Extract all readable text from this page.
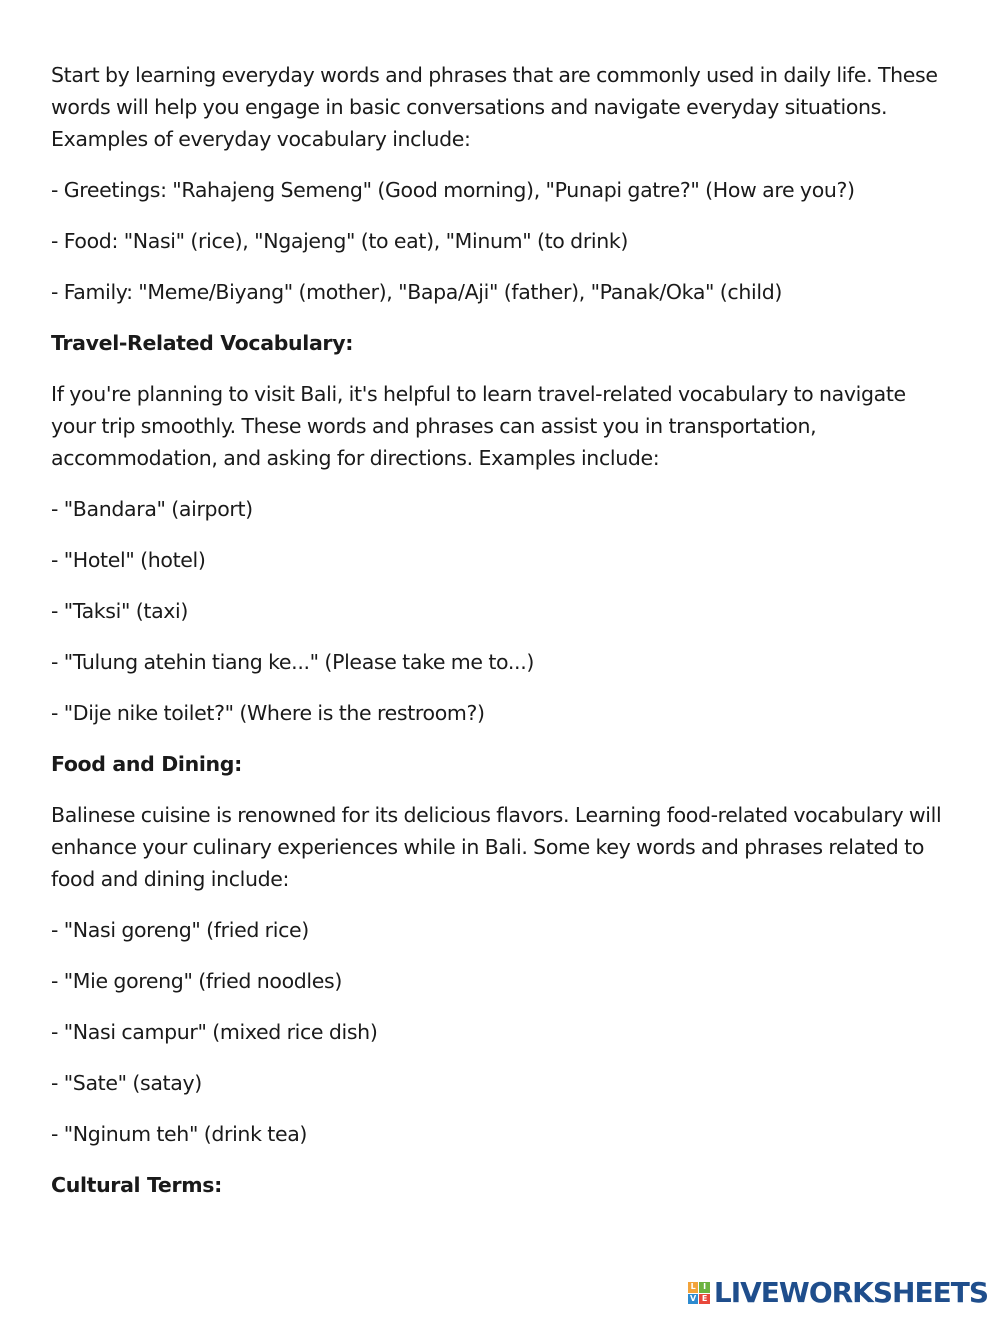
Start by learning everyday words and phrases that are commonly used in daily life. These words will help you engage in basic conversations and navigate everyday situations. Examples of everyday vocabulary include:

- Greetings: "Rahajeng Semeng" (Good morning), "Punapi gatre?" (How are you?)

- Food: "Nasi" (rice), "Ngajeng" (to eat), "Minum" (to drink)

- Family: "Meme/Biyang" (mother), "Bapa/Aji" (father), "Panak/Oka" (child)

Travel-Related Vocabulary:

If you're planning to visit Bali, it's helpful to learn travel-related vocabulary to navigate your trip smoothly. These words and phrases can assist you in transportation, accommodation, and asking for directions. Examples include:

- "Bandara" (airport)

- "Hotel" (hotel)

- "Taksi" (taxi)

- "Tulung atehin tiang ke..." (Please take me to...)

- "Dije nike toilet?" (Where is the restroom?)

Food and Dining:

Balinese cuisine is renowned for its delicious flavors. Learning food-related vocabulary will enhance your culinary experiences while in Bali. Some key words and phrases related to food and dining include:

- "Nasi goreng" (fried rice)

- "Mie goreng" (fried noodles)

- "Nasi campur" (mixed rice dish)

- "Sate" (satay)

- "Nginum teh" (drink tea)

Cultural Terms:

L I
V E LIVEWORKSHEETS
